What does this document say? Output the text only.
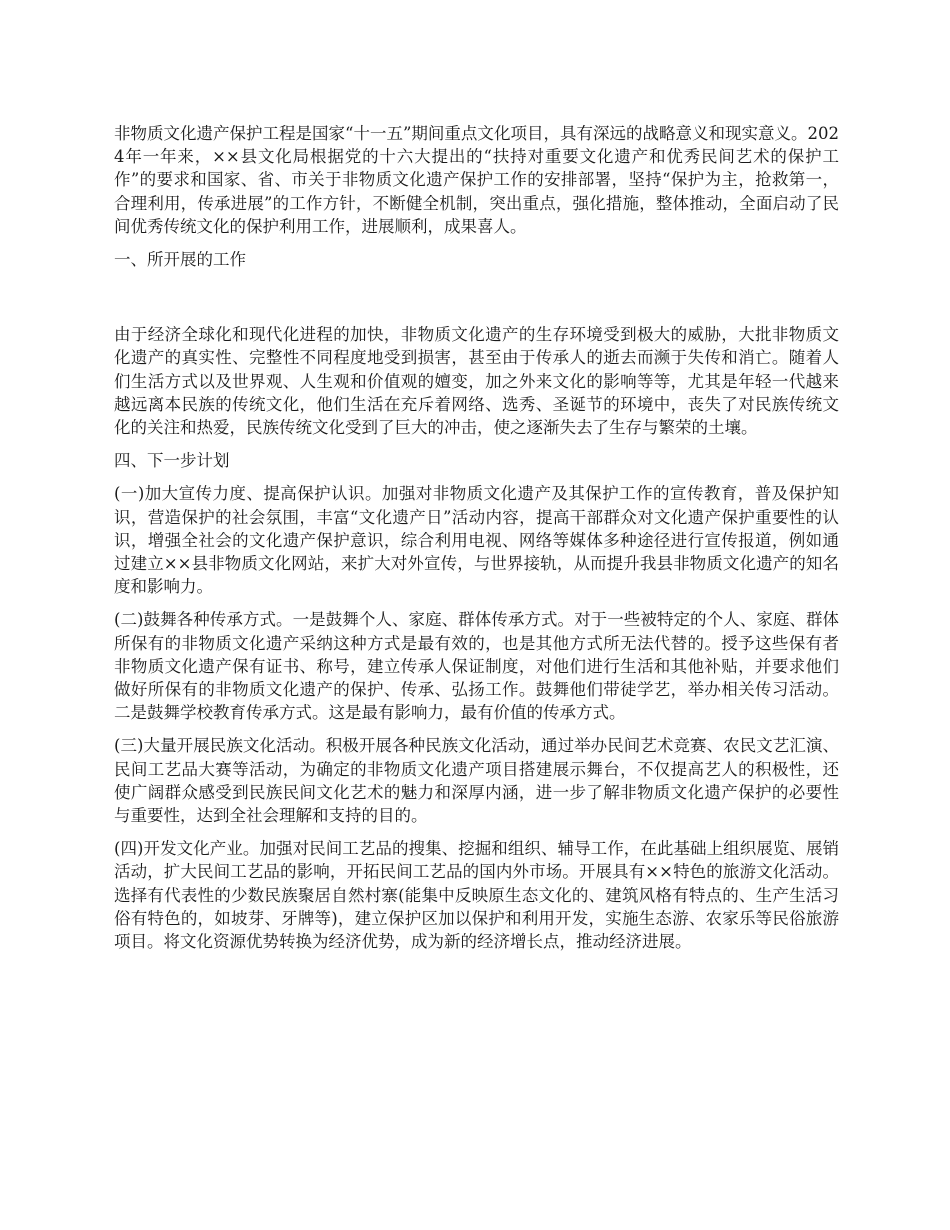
非物质文化遗产保护工程是国家“十一五”期间重点文化项目，具有深远的战略意义和现实意义。2024年一年来，××县文化局根据党的十六大提出的“扶持对重要文化遗产和优秀民间艺术的保护工作”的要求和国家、省、市关于非物质文化遗产保护工作的安排部署，坚持“保护为主，抢救第一，合理利用，传承进展”的工作方针，不断健全机制，突出重点，强化措施，整体推动，全面启动了民间优秀传统文化的保护利用工作，进展顺利，成果喜人。

一、所开展的工作

由于经济全球化和现代化进程的加快，非物质文化遗产的生存环境受到极大的威胁，大批非物质文化遗产的真实性、完整性不同程度地受到损害，甚至由于传承人的逝去而濒于失传和消亡。随着人们生活方式以及世界观、人生观和价值观的嬗变，加之外来文化的影响等等，尤其是年轻一代越来越远离本民族的传统文化，他们生活在充斥着网络、选秀、圣诞节的环境中，丧失了对民族传统文化的关注和热爱，民族传统文化受到了巨大的冲击，使之逐渐失去了生存与繁荣的土壤。

四、下一步计划

(一)加大宣传力度、提高保护认识。加强对非物质文化遗产及其保护工作的宣传教育，普及保护知识，营造保护的社会氛围，丰富“文化遗产日”活动内容，提高干部群众对文化遗产保护重要性的认识，增强全社会的文化遗产保护意识，综合利用电视、网络等媒体多种途径进行宣传报道，例如通过建立××县非物质文化网站，来扩大对外宣传，与世界接轨，从而提升我县非物质文化遗产的知名度和影响力。

(二)鼓舞各种传承方式。一是鼓舞个人、家庭、群体传承方式。对于一些被特定的个人、家庭、群体所保有的非物质文化遗产采纳这种方式是最有效的，也是其他方式所无法代替的。授予这些保有者非物质文化遗产保有证书、称号，建立传承人保证制度，对他们进行生活和其他补贴，并要求他们做好所保有的非物质文化遗产的保护、传承、弘扬工作。鼓舞他们带徒学艺，举办相关传习活动。二是鼓舞学校教育传承方式。这是最有影响力，最有价值的传承方式。

(三)大量开展民族文化活动。积极开展各种民族文化活动，通过举办民间艺术竞赛、农民文艺汇演、民间工艺品大赛等活动，为确定的非物质文化遗产项目搭建展示舞台，不仅提高艺人的积极性，还使广阔群众感受到民族民间文化艺术的魅力和深厚内涵，进一步了解非物质文化遗产保护的必要性与重要性，达到全社会理解和支持的目的。

(四)开发文化产业。加强对民间工艺品的搜集、挖掘和组织、辅导工作，在此基础上组织展览、展销活动，扩大民间工艺品的影响，开拓民间工艺品的国内外市场。开展具有××特色的旅游文化活动。选择有代表性的少数民族聚居自然村寨(能集中反映原生态文化的、建筑风格有特点的、生产生活习俗有特色的，如坡芽、牙牌等)，建立保护区加以保护和利用开发，实施生态游、农家乐等民俗旅游项目。将文化资源优势转换为经济优势，成为新的经济增长点，推动经济进展。
